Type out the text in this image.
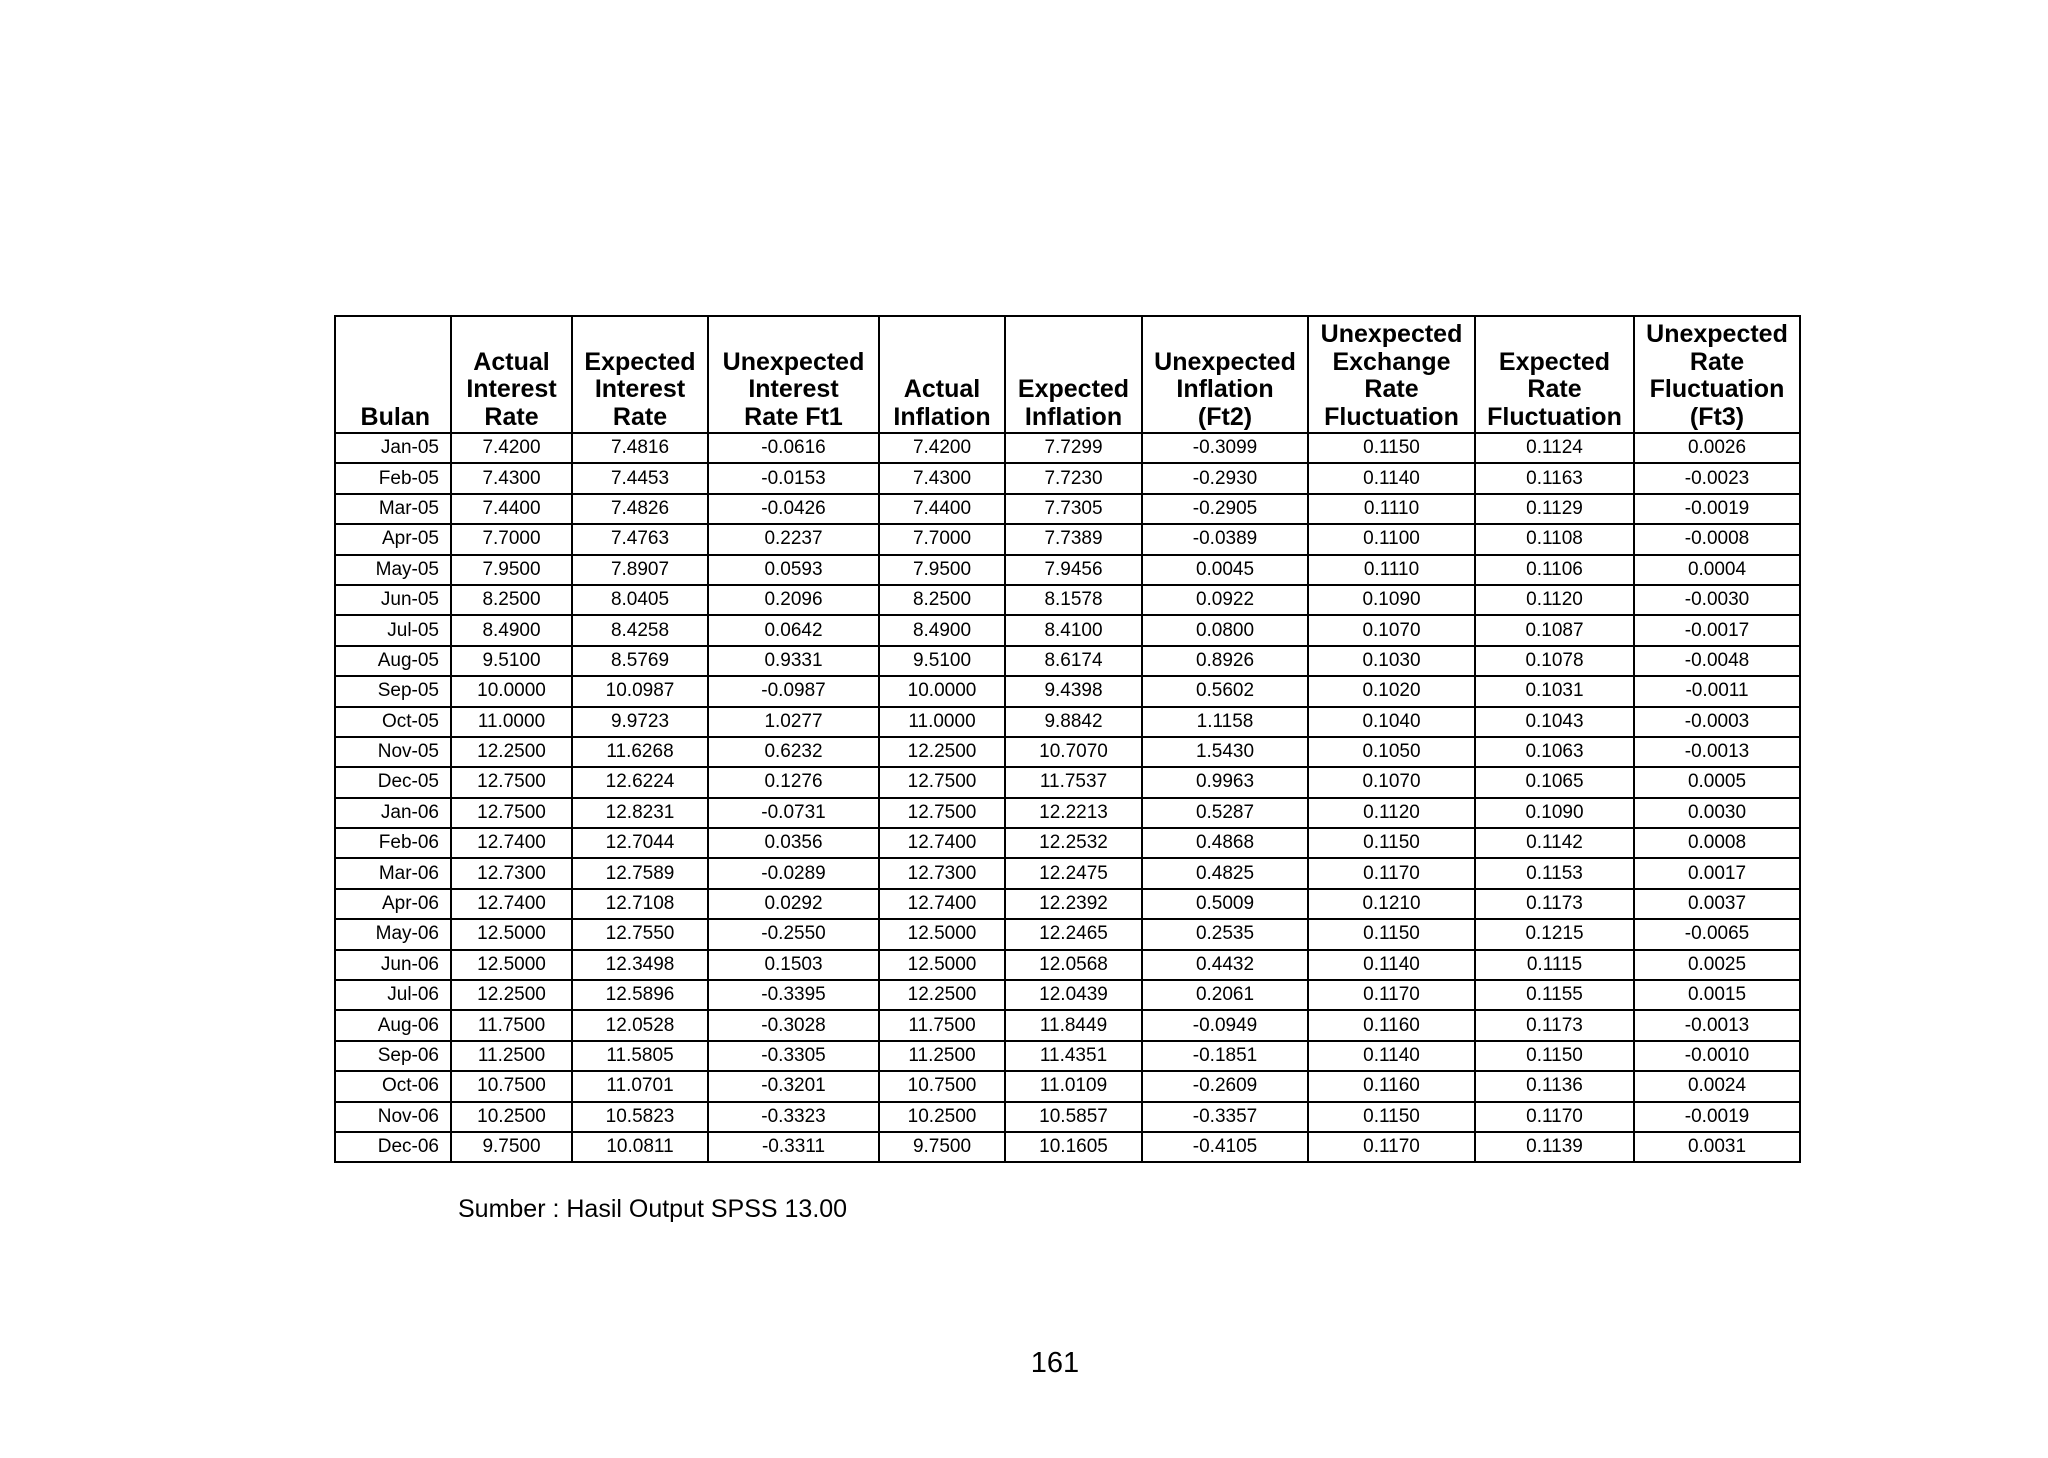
Bulan	Actual
Interest
Rate	Expected
Interest
Rate	Unexpected
Interest
Rate Ft1	Actual
Inflation	Expected
Inflation	Unexpected
Inflation
(Ft2)	Unexpected
Exchange
Rate
Fluctuation	Expected
Rate
Fluctuation	Unexpected
Rate
Fluctuation
(Ft3)
Jan-05	7.4200	7.4816	-0.0616	7.4200	7.7299	-0.3099	0.1150	0.1124	0.0026
Feb-05	7.4300	7.4453	-0.0153	7.4300	7.7230	-0.2930	0.1140	0.1163	-0.0023
Mar-05	7.4400	7.4826	-0.0426	7.4400	7.7305	-0.2905	0.1110	0.1129	-0.0019
Apr-05	7.7000	7.4763	0.2237	7.7000	7.7389	-0.0389	0.1100	0.1108	-0.0008
May-05	7.9500	7.8907	0.0593	7.9500	7.9456	0.0045	0.1110	0.1106	0.0004
Jun-05	8.2500	8.0405	0.2096	8.2500	8.1578	0.0922	0.1090	0.1120	-0.0030
Jul-05	8.4900	8.4258	0.0642	8.4900	8.4100	0.0800	0.1070	0.1087	-0.0017
Aug-05	9.5100	8.5769	0.9331	9.5100	8.6174	0.8926	0.1030	0.1078	-0.0048
Sep-05	10.0000	10.0987	-0.0987	10.0000	9.4398	0.5602	0.1020	0.1031	-0.0011
Oct-05	11.0000	9.9723	1.0277	11.0000	9.8842	1.1158	0.1040	0.1043	-0.0003
Nov-05	12.2500	11.6268	0.6232	12.2500	10.7070	1.5430	0.1050	0.1063	-0.0013
Dec-05	12.7500	12.6224	0.1276	12.7500	11.7537	0.9963	0.1070	0.1065	0.0005
Jan-06	12.7500	12.8231	-0.0731	12.7500	12.2213	0.5287	0.1120	0.1090	0.0030
Feb-06	12.7400	12.7044	0.0356	12.7400	12.2532	0.4868	0.1150	0.1142	0.0008
Mar-06	12.7300	12.7589	-0.0289	12.7300	12.2475	0.4825	0.1170	0.1153	0.0017
Apr-06	12.7400	12.7108	0.0292	12.7400	12.2392	0.5009	0.1210	0.1173	0.0037
May-06	12.5000	12.7550	-0.2550	12.5000	12.2465	0.2535	0.1150	0.1215	-0.0065
Jun-06	12.5000	12.3498	0.1503	12.5000	12.0568	0.4432	0.1140	0.1115	0.0025
Jul-06	12.2500	12.5896	-0.3395	12.2500	12.0439	0.2061	0.1170	0.1155	0.0015
Aug-06	11.7500	12.0528	-0.3028	11.7500	11.8449	-0.0949	0.1160	0.1173	-0.0013
Sep-06	11.2500	11.5805	-0.3305	11.2500	11.4351	-0.1851	0.1140	0.1150	-0.0010
Oct-06	10.7500	11.0701	-0.3201	10.7500	11.0109	-0.2609	0.1160	0.1136	0.0024
Nov-06	10.2500	10.5823	-0.3323	10.2500	10.5857	-0.3357	0.1150	0.1170	-0.0019
Dec-06	9.7500	10.0811	-0.3311	9.7500	10.1605	-0.4105	0.1170	0.1139	0.0031
Sumber : Hasil Output SPSS 13.00
161
